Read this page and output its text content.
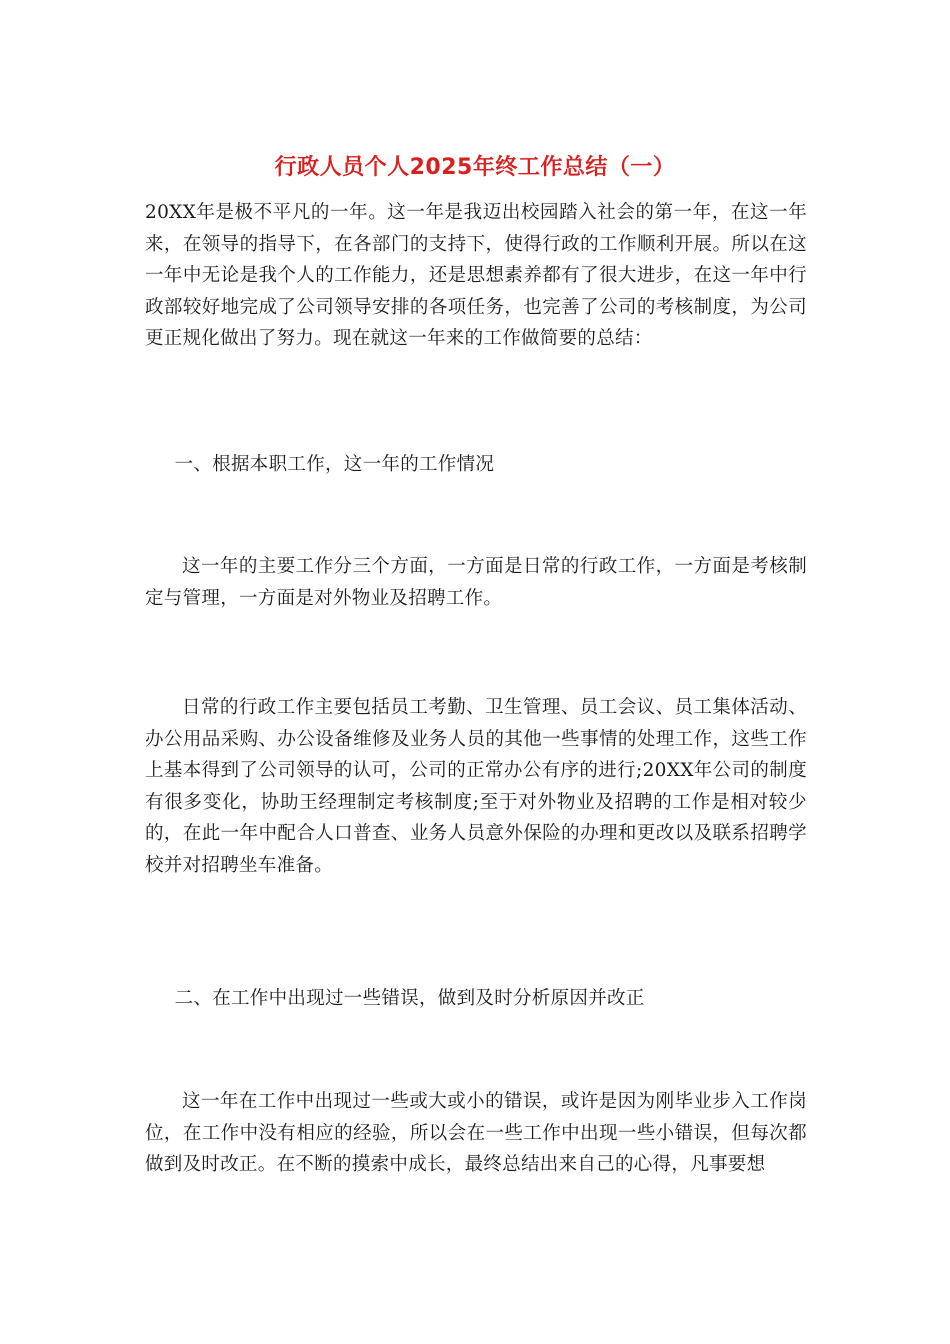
行政人员个人2025年终工作总结（一）

20XX年是极不平凡的一年。这一年是我迈出校园踏入社会的第一年，在这一年来，在领导的指导下，在各部门的支持下，使得行政的工作顺利开展。所以在这一年中无论是我个人的工作能力，还是思想素养都有了很大进步，在这一年中行政部较好地完成了公司领导安排的各项任务，也完善了公司的考核制度，为公司更正规化做出了努力。现在就这一年来的工作做简要的总结：

一、根据本职工作，这一年的工作情况

这一年的主要工作分三个方面，一方面是日常的行政工作，一方面是考核制定与管理，一方面是对外物业及招聘工作。

日常的行政工作主要包括员工考勤、卫生管理、员工会议、员工集体活动、办公用品采购、办公设备维修及业务人员的其他一些事情的处理工作，这些工作上基本得到了公司领导的认可，公司的正常办公有序的进行;20XX年公司的制度有很多变化，协助王经理制定考核制度;至于对外物业及招聘的工作是相对较少的，在此一年中配合人口普查、业务人员意外保险的办理和更改以及联系招聘学校并对招聘坐车准备。

二、在工作中出现过一些错误，做到及时分析原因并改正

这一年在工作中出现过一些或大或小的错误，或许是因为刚毕业步入工作岗位，在工作中没有相应的经验，所以会在一些工作中出现一些小错误，但每次都做到及时改正。在不断的摸索中成长，最终总结出来自己的心得，凡事要想
